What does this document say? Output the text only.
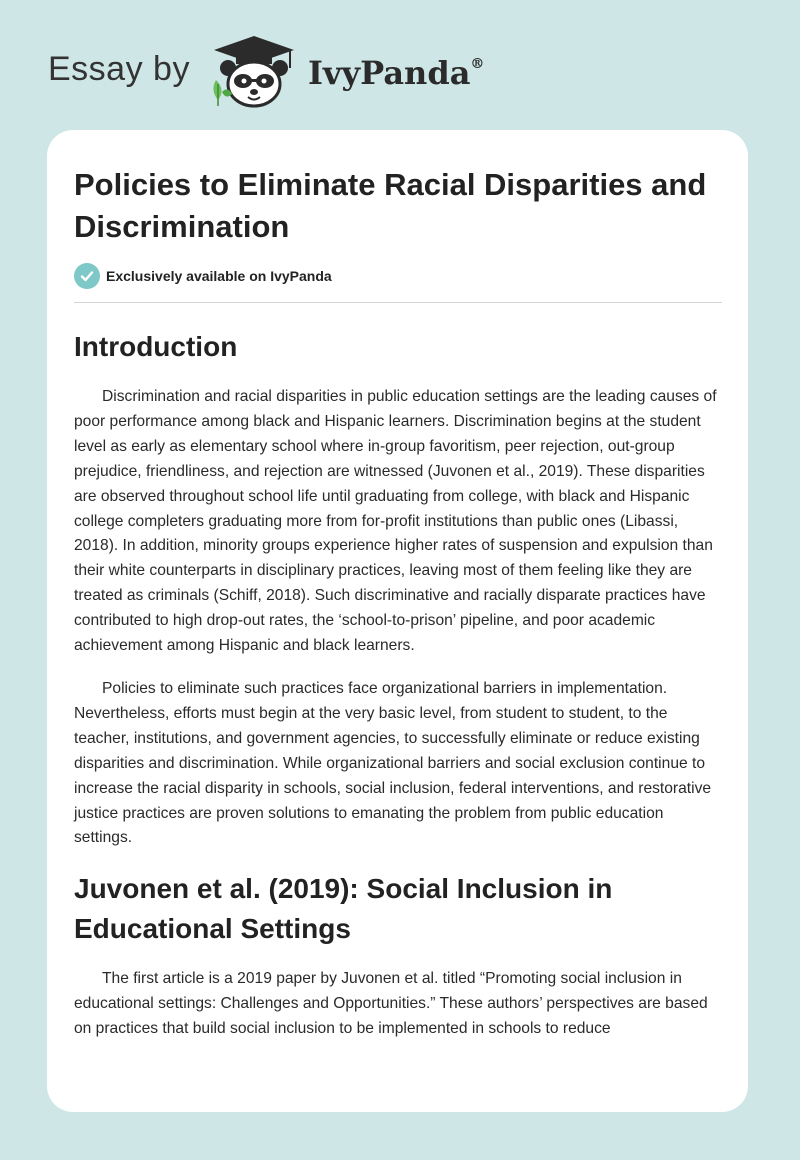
Essay by	IvyPanda®
Policies to Eliminate Racial Disparities and Discrimination
Exclusively available on IvyPanda
Introduction

Discrimination and racial disparities in public education settings are the leading causes of poor performance among black and Hispanic learners. Discrimination begins at the student level as early as elementary school where in-group favoritism, peer rejection, out-group prejudice, friendliness, and rejection are witnessed (Juvonen et al., 2019). These disparities are observed throughout school life until graduating from college, with black and Hispanic college completers graduating more from for-profit institutions than public ones (Libassi, 2018). In addition, minority groups experience higher rates of suspension and expulsion than their white counterparts in disciplinary practices, leaving most of them feeling like they are treated as criminals (Schiff, 2018). Such discriminative and racially disparate practices have contributed to high drop-out rates, the ‘school-to-prison’ pipeline, and poor academic achievement among Hispanic and black learners.

Policies to eliminate such practices face organizational barriers in implementation. Nevertheless, efforts must begin at the very basic level, from student to student, to the teacher, institutions, and government agencies, to successfully eliminate or reduce existing disparities and discrimination. While organizational barriers and social exclusion continue to increase the racial disparity in schools, social inclusion, federal interventions, and restorative justice practices are proven solutions to emanating the problem from public education settings.

Juvonen et al. (2019): Social Inclusion in Educational Settings

The first article is a 2019 paper by Juvonen et al. titled “Promoting social inclusion in educational settings: Challenges and Opportunities.” These authors’ perspectives are based on practices that build social inclusion to be implemented in schools to reduce
